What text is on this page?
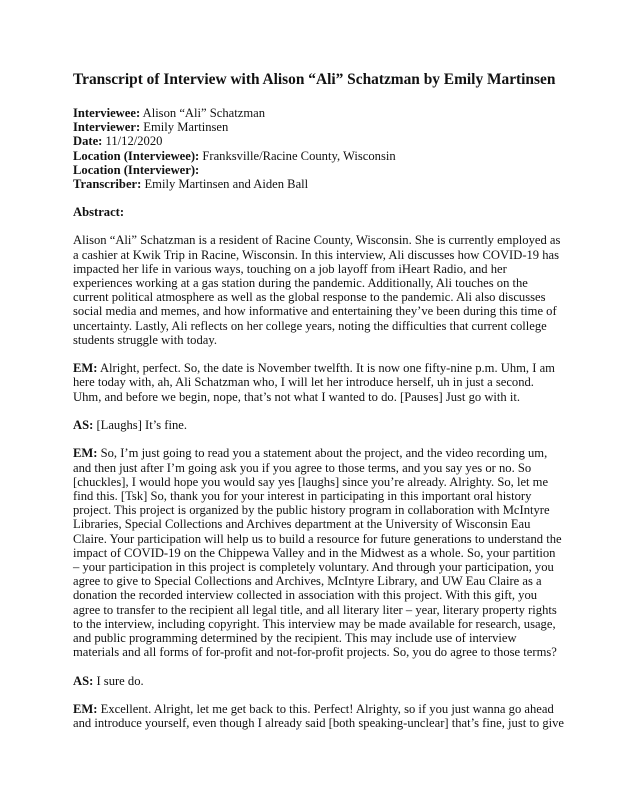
Transcript of Interview with Alison “Ali” Schatzman by Emily Martinsen
Interviewee: Alison “Ali” Schatzman
Interviewer: Emily Martinsen
Date: 11/12/2020
Location (Interviewee): Franksville/Racine County, Wisconsin
Location (Interviewer):
Transcriber: Emily Martinsen and Aiden Ball
Abstract:

Alison “Ali” Schatzman is a resident of Racine County, Wisconsin. She is currently employed as
a cashier at Kwik Trip in Racine, Wisconsin. In this interview, Ali discusses how COVID-19 has
impacted her life in various ways, touching on a job layoff from iHeart Radio, and her
experiences working at a gas station during the pandemic. Additionally, Ali touches on the
current political atmosphere as well as the global response to the pandemic. Ali also discusses
social media and memes, and how informative and entertaining they’ve been during this time of
uncertainty. Lastly, Ali reflects on her college years, noting the difficulties that current college
students struggle with today.

EM: Alright, perfect. So, the date is November twelfth. It is now one fifty-nine p.m. Uhm, I am
here today with, ah, Ali Schatzman who, I will let her introduce herself, uh in just a second.
Uhm, and before we begin, nope, that’s not what I wanted to do. [Pauses] Just go with it.

AS: [Laughs] It’s fine.

EM: So, I’m just going to read you a statement about the project, and the video recording um,
and then just after I’m going ask you if you agree to those terms, and you say yes or no. So
[chuckles], I would hope you would say yes [laughs] since you’re already. Alrighty. So, let me
find this. [Tsk] So, thank you for your interest in participating in this important oral history
project. This project is organized by the public history program in collaboration with McIntyre
Libraries, Special Collections and Archives department at the University of Wisconsin Eau
Claire. Your participation will help us to build a resource for future generations to understand the
impact of COVID-19 on the Chippewa Valley and in the Midwest as a whole. So, your partition
– your participation in this project is completely voluntary. And through your participation, you
agree to give to Special Collections and Archives, McIntyre Library, and UW Eau Claire as a
donation the recorded interview collected in association with this project. With this gift, you
agree to transfer to the recipient all legal title, and all literary liter – year, literary property rights
to the interview, including copyright. This interview may be made available for research, usage,
and public programming determined by the recipient. This may include use of interview
materials and all forms of for-profit and not-for-profit projects. So, you do agree to those terms?

AS: I sure do.

EM: Excellent. Alright, let me get back to this. Perfect! Alrighty, so if you just wanna go ahead
and introduce yourself, even though I already said [both speaking-unclear] that’s fine, just to give
